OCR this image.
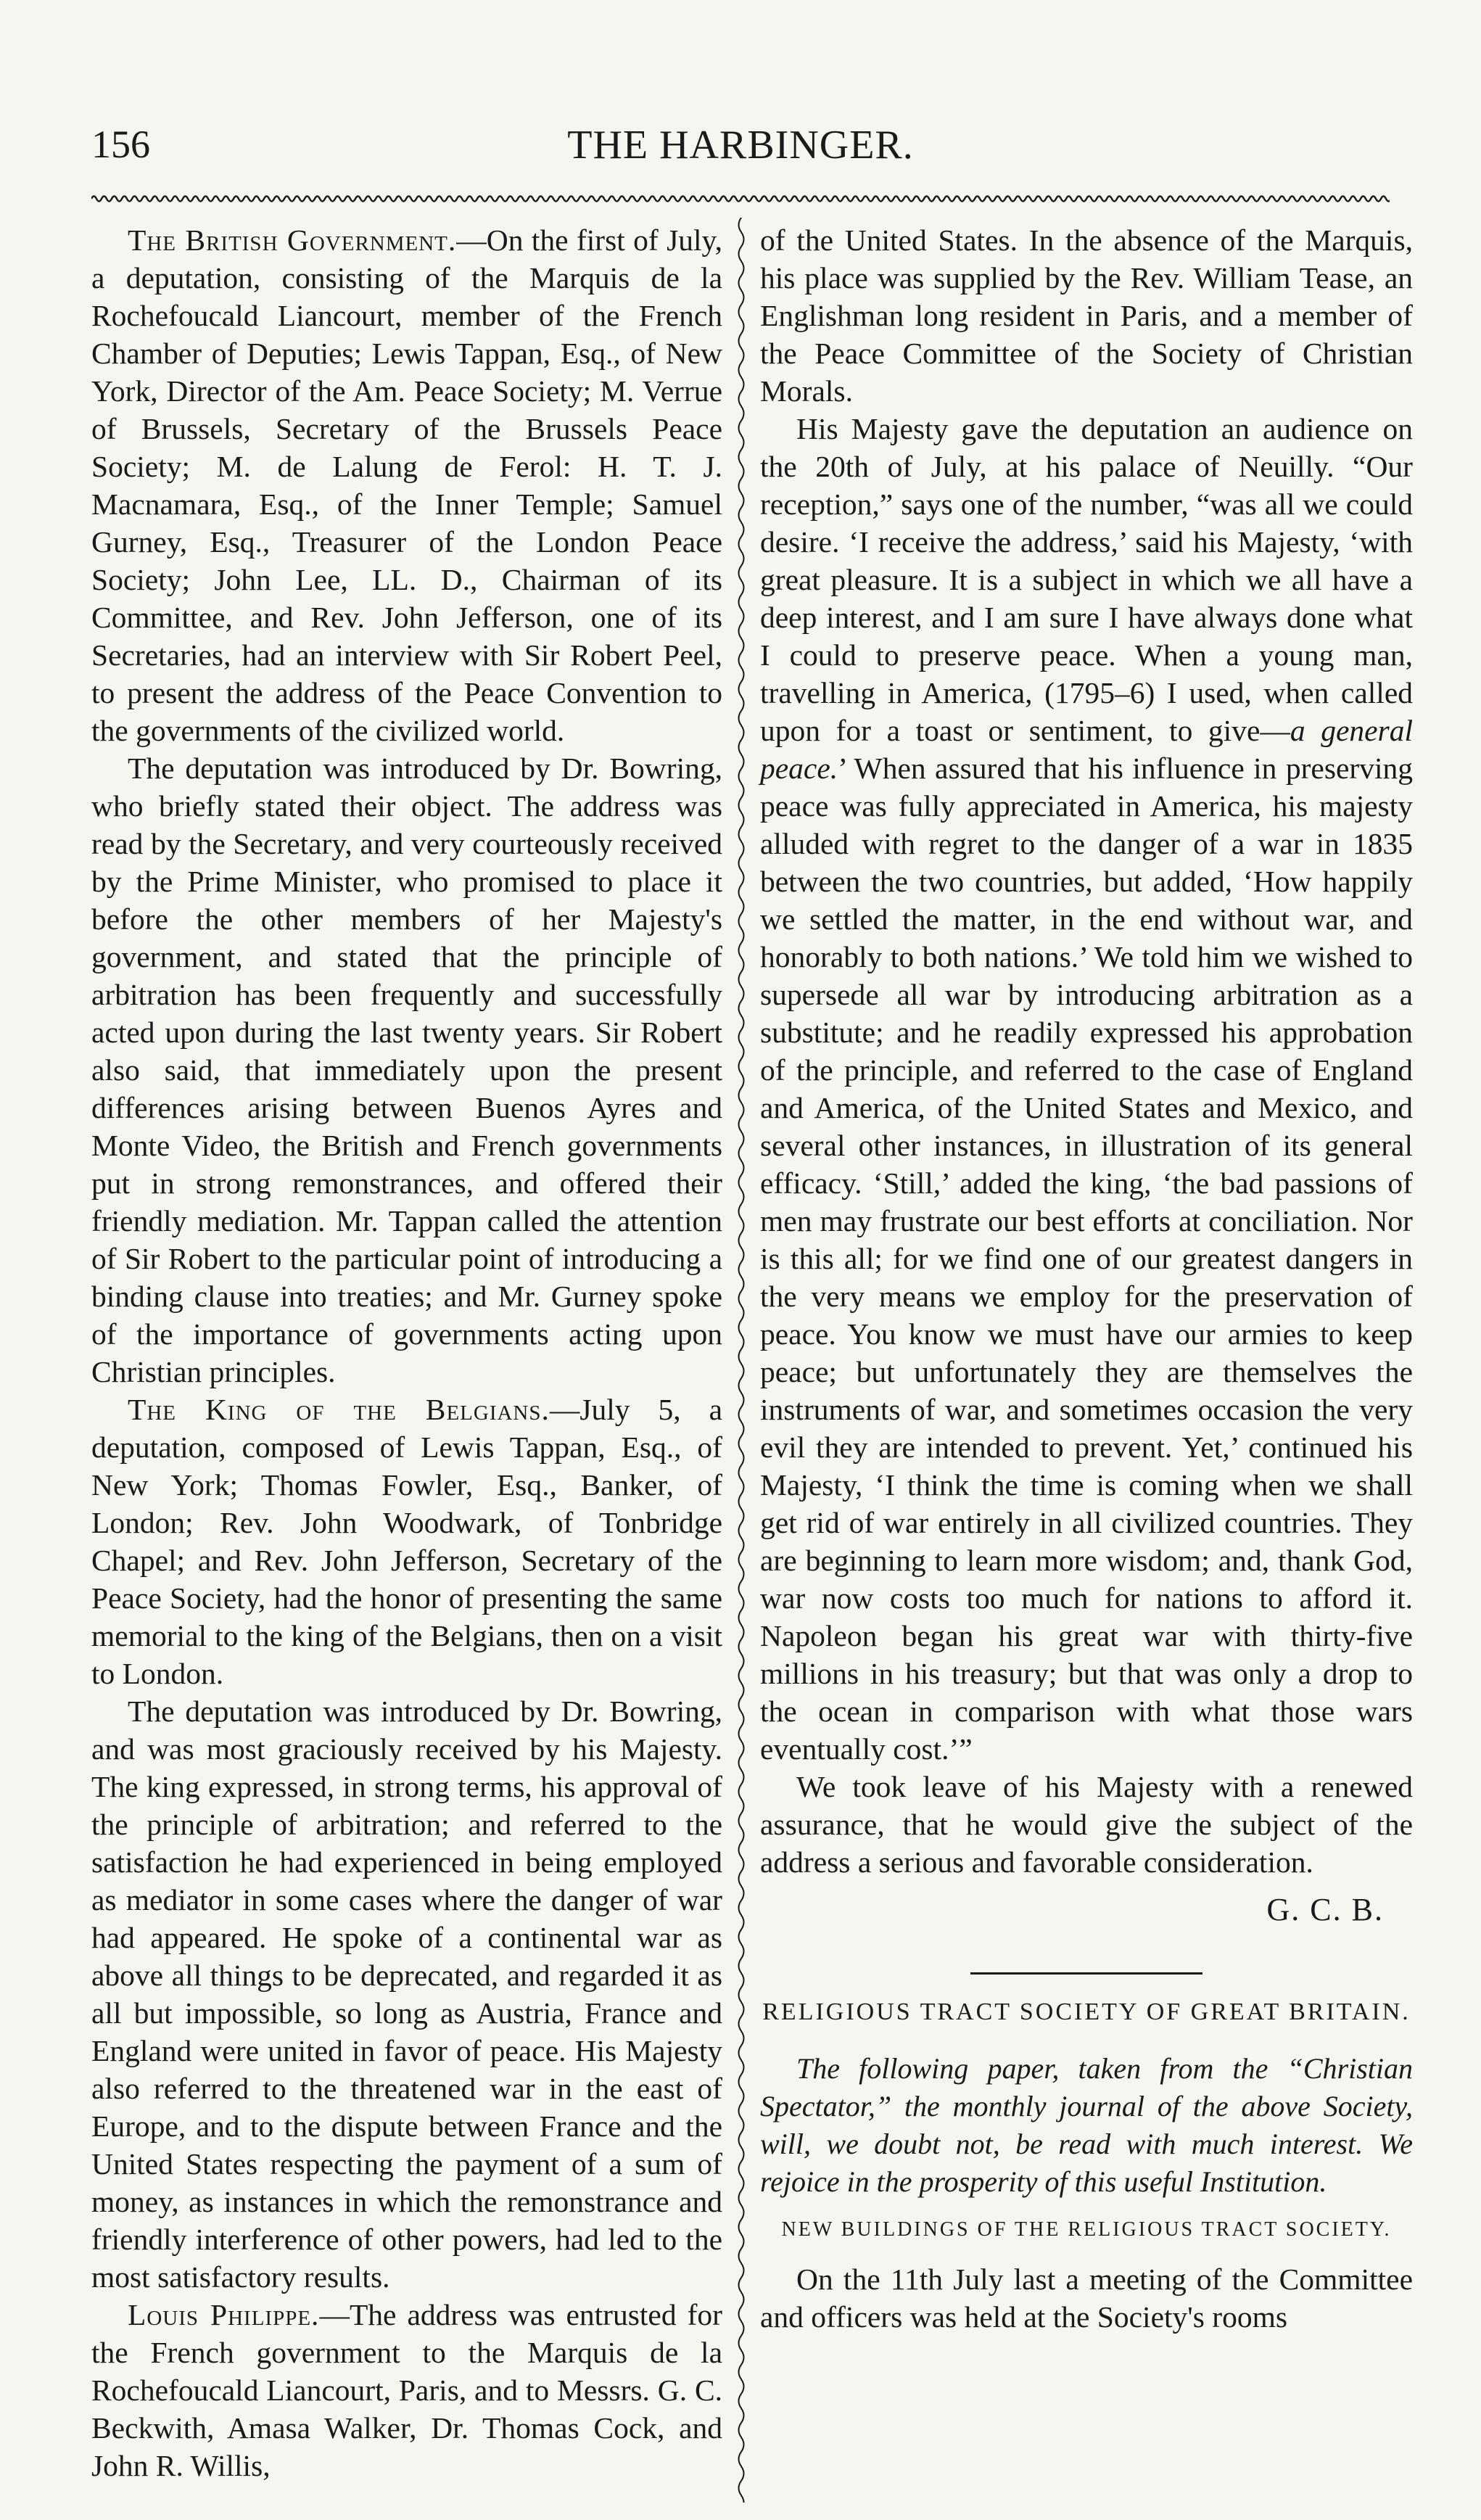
156	THE HARBINGER.

The British Government.—On the first of July, a deputation, consisting of the Marquis de la Rochefoucald Liancourt, member of the French Chamber of Deputies; Lewis Tappan, Esq., of New York, Director of the Am. Peace Society; M. Verrue of Brussels, Secretary of the Brussels Peace Society; M. de Lalung de Ferol: H. T. J. Macnamara, Esq., of the Inner Temple; Samuel Gurney, Esq., Treasurer of the London Peace Society; John Lee, LL. D., Chairman of its Committee, and Rev. John Jefferson, one of its Secretaries, had an interview with Sir Robert Peel, to present the address of the Peace Convention to the governments of the civilized world.

The deputation was introduced by Dr. Bowring, who briefly stated their object. The address was read by the Secretary, and very courteously received by the Prime Minister, who promised to place it before the other members of her Majesty's government, and stated that the principle of arbitration has been frequently and successfully acted upon during the last twenty years. Sir Robert also said, that immediately upon the present differences arising between Buenos Ayres and Monte Video, the British and French governments put in strong remonstrances, and offered their friendly mediation. Mr. Tappan called the attention of Sir Robert to the particular point of introducing a binding clause into treaties; and Mr. Gurney spoke of the importance of governments acting upon Christian principles.

The King of the Belgians.—July 5, a deputation, composed of Lewis Tappan, Esq., of New York; Thomas Fowler, Esq., Banker, of London; Rev. John Woodwark, of Tonbridge Chapel; and Rev. John Jefferson, Secretary of the Peace Society, had the honor of presenting the same memorial to the king of the Belgians, then on a visit to London.

The deputation was introduced by Dr. Bowring, and was most graciously received by his Majesty. The king expressed, in strong terms, his approval of the principle of arbitration; and referred to the satisfaction he had experienced in being employed as mediator in some cases where the danger of war had appeared. He spoke of a continental war as above all things to be deprecated, and regarded it as all but impossible, so long as Austria, France and England were united in favor of peace. His Majesty also referred to the threatened war in the east of Europe, and to the dispute between France and the United States respecting the payment of a sum of money, as instances in which the remonstrance and friendly interference of other powers, had led to the most satisfactory results.

Louis Philippe.—The address was entrusted for the French government to the Marquis de la Rochefoucald Liancourt, Paris, and to Messrs. G. C. Beckwith, Amasa Walker, Dr. Thomas Cock, and John R. Willis,

of the United States. In the absence of the Marquis, his place was supplied by the Rev. William Tease, an Englishman long resident in Paris, and a member of the Peace Committee of the Society of Christian Morals.

His Majesty gave the deputation an audience on the 20th of July, at his palace of Neuilly. “Our reception,” says one of the number, “was all we could desire. ‘I receive the address,’ said his Majesty, ‘with great pleasure. It is a subject in which we all have a deep interest, and I am sure I have always done what I could to preserve peace. When a young man, travelling in America, (1795–6) I used, when called upon for a toast or sentiment, to give—a general peace.’ When assured that his influence in preserving peace was fully appreciated in America, his majesty alluded with regret to the danger of a war in 1835 between the two countries, but added, ‘How happily we settled the matter, in the end without war, and honorably to both nations.’ We told him we wished to supersede all war by introducing arbitration as a substitute; and he readily expressed his approbation of the principle, and referred to the case of England and America, of the United States and Mexico, and several other instances, in illustration of its general efficacy. ‘Still,’ added the king, ‘the bad passions of men may frustrate our best efforts at conciliation. Nor is this all; for we find one of our greatest dangers in the very means we employ for the preservation of peace. You know we must have our armies to keep peace; but unfortunately they are themselves the instruments of war, and sometimes occasion the very evil they are intended to prevent. Yet,’ continued his Majesty, ‘I think the time is coming when we shall get rid of war entirely in all civilized countries. They are beginning to learn more wisdom; and, thank God, war now costs too much for nations to afford it. Napoleon began his great war with thirty-five millions in his treasury; but that was only a drop to the ocean in comparison with what those wars eventually cost.’”

We took leave of his Majesty with a renewed assurance, that he would give the subject of the address a serious and favorable consideration.

G. C. B.
RELIGIOUS TRACT SOCIETY OF GREAT BRITAIN.

The following paper, taken from the “Christian Spectator,” the monthly journal of the above Society, will, we doubt not, be read with much interest. We rejoice in the prosperity of this useful Institution.

NEW BUILDINGS OF THE RELIGIOUS TRACT SOCIETY.

On the 11th July last a meeting of the Committee and officers was held at the Society's rooms
